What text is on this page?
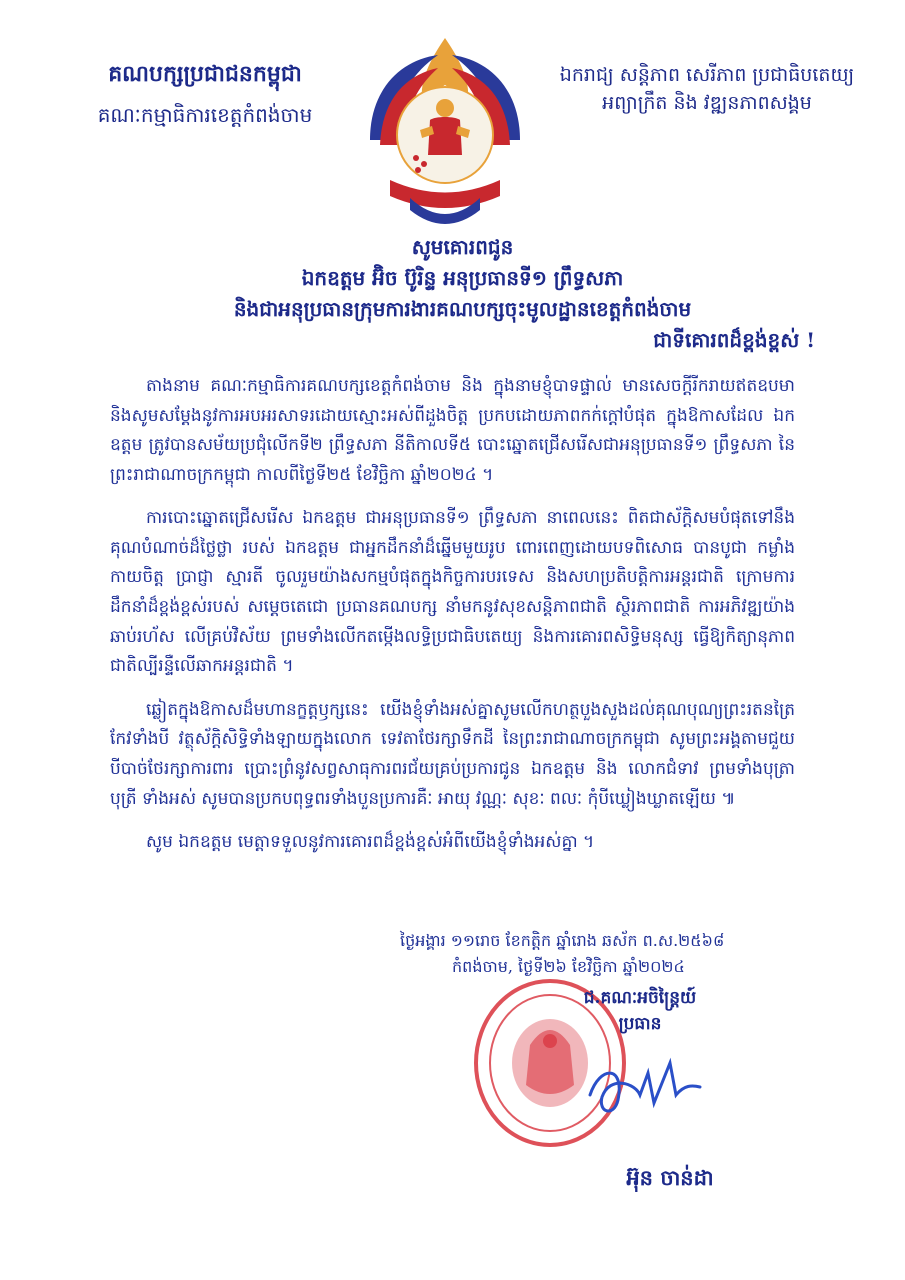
គណបក្សប្រជាជនកម្ពុជា
គណៈកម្មាធិការខេត្តកំពង់ចាម
ឯករាជ្យ សន្តិភាព សេរីភាព ប្រជាធិបតេយ្យ
អព្យាក្រឹត និង វឌ្ឍនភាពសង្គម
សូមគោរពជូន
ឯកឧត្តម អ៊ិច ប៊ូរិន្ទ អនុប្រធានទី១ ព្រឹទ្ធសភា
និងជាអនុប្រធានក្រុមការងារគណបក្សចុះមូលដ្ឋានខេត្តកំពង់ចាម
ជាទីគោរពដ៏ខ្ពង់ខ្ពស់ !

តាងនាម គណៈកម្មាធិការគណបក្សខេត្តកំពង់ចាម និង ក្នុងនាមខ្ញុំបាទផ្ទាល់ មានសេចក្តីរីករាយឥតឧបមា និងសូមសម្តែងនូវការអបអរសាទរដោយស្មោះអស់ពីដួងចិត្ត ប្រកបដោយភាពកក់ក្តៅបំផុត ក្នុងឱកាសដែល ឯកឧត្តម ត្រូវបានសម័យប្រជុំលើកទី២ ព្រឹទ្ធសភា នីតិកាលទី៥ បោះឆ្នោតជ្រើសរើសជាអនុប្រធានទី១ ព្រឹទ្ធសភា នៃព្រះរាជាណាចក្រកម្ពុជា កាលពីថ្ងៃទី២៥ ខែវិច្ឆិកា ឆ្នាំ២០២៤ ។

ការបោះឆ្នោតជ្រើសរើស ឯកឧត្តម ជាអនុប្រធានទី១ ព្រឹទ្ធសភា នាពេលនេះ ពិតជាស័ក្តិសមបំផុតទៅនឹងគុណបំណាច់ដ៏ថ្លៃថ្លា របស់ ឯកឧត្តម ជាអ្នកដឹកនាំដ៏ឆ្នើមមួយរូប ពោរពេញដោយបទពិសោធ បានបូជា កម្លាំងកាយចិត្ត ប្រាជ្ញា ស្មារតី ចូលរួមយ៉ាងសកម្មបំផុតក្នុងកិច្ចការបរទេស និងសហប្រតិបត្តិការអន្តរជាតិ ក្រោមការដឹកនាំដ៏ខ្ពង់ខ្ពស់របស់ សម្តេចតេជោ ប្រធានគណបក្ស នាំមកនូវសុខសន្តិភាពជាតិ ស្ថិរភាពជាតិ ការអភិវឌ្ឍយ៉ាងឆាប់រហ័ស លើគ្រប់វិស័យ ព្រមទាំងលើកតម្កើងលទ្ធិប្រជាធិបតេយ្យ និងការគោរពសិទ្ធិមនុស្ស ធ្វើឱ្យកិត្យានុភាពជាតិល្បីរន្ទឺលើឆាកអន្តរជាតិ ។

ឆ្លៀតក្នុងឱកាសដ៏មហានក្ខត្តឫក្សនេះ យើងខ្ញុំទាំងអស់គ្នាសូមលើកហត្ថបួងសួងដល់គុណបុណ្យព្រះរតនត្រៃ កែវទាំងបី វត្ថុស័ក្តិសិទ្ធិទាំងឡាយក្នុងលោក ទេវតាថែរក្សាទឹកដី នៃព្រះរាជាណាចក្រកម្ពុជា សូមព្រះអង្គតាមជួយបីបាច់ថែរក្សាការពារ ប្រោះព្រំនូវសព្វសាធុការពរជ័យគ្រប់ប្រការជូន ឯកឧត្តម និង លោកជំទាវ ព្រមទាំងបុត្រា បុត្រី ទាំងអស់ សូមបានប្រកបពុទ្ធពរទាំងបួនប្រការគឺៈ អាយុ វណ្ណៈ សុខៈ ពលៈ កុំបីឃ្លៀងឃ្លាតឡើយ ៕

សូម ឯកឧត្តម មេត្តាទទួលនូវការគោរពដ៏ខ្ពង់ខ្ពស់អំពីយើងខ្ញុំទាំងអស់គ្នា ។

ថ្ងៃអង្គារ ១១រោច ខែកត្តិក ឆ្នាំរោង ឆស័ក ព.ស.២៥៦៨
កំពង់ចាម, ថ្ងៃទី២៦ ខែវិច្ឆិកា ឆ្នាំ២០២៤
ជ.គណៈអចិន្ត្រៃយ៍
ប្រធាន
អ៊ុន ចាន់ដា
